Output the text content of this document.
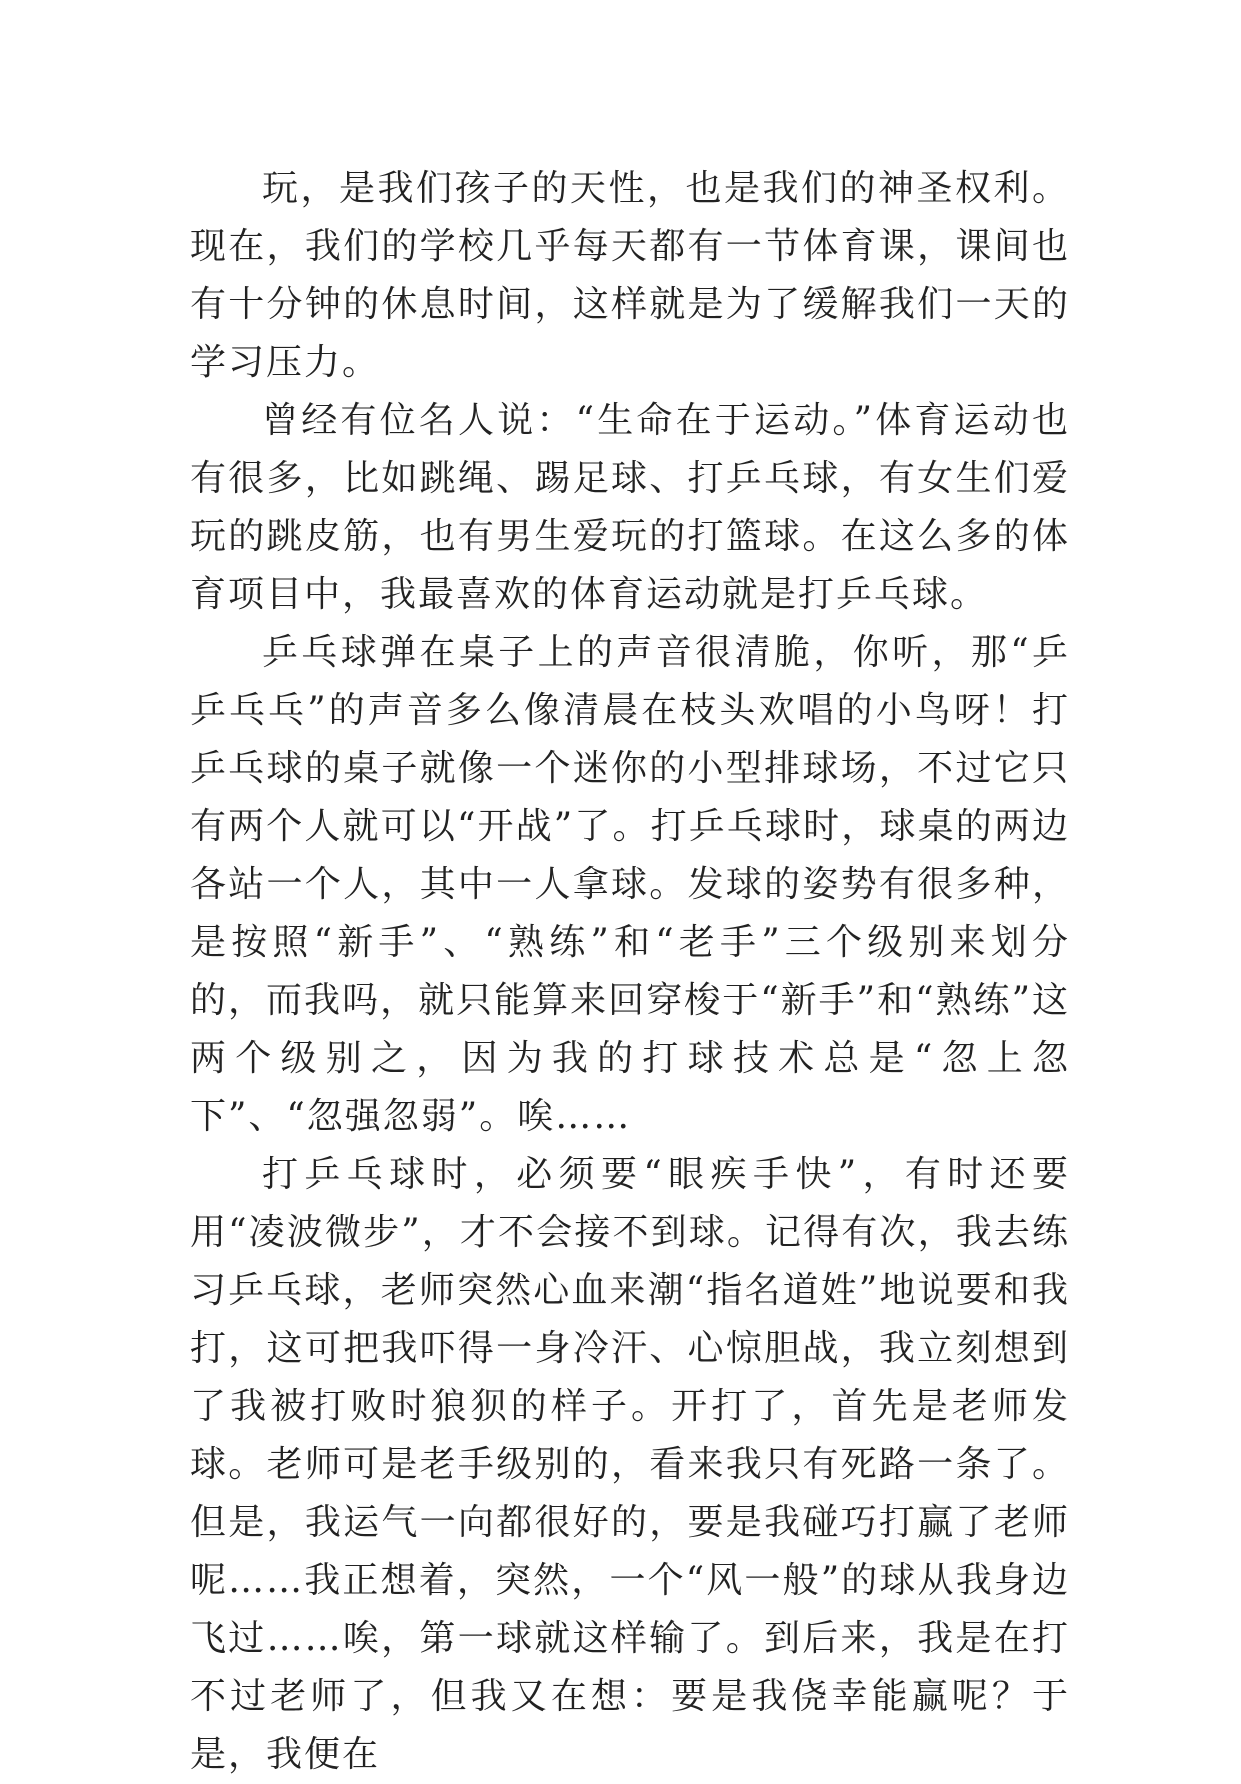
玩，是我们孩子的天性，也是我们的神圣权利。现在，我们的学校几乎每天都有一节体育课，课间也有十分钟的休息时间，这样就是为了缓解我们一天的学习压力。

曾经有位名人说：“生命在于运动。”体育运动也有很多，比如跳绳、踢足球、打乒乓球，有女生们爱玩的跳皮筋，也有男生爱玩的打篮球。在这么多的体育项目中，我最喜欢的体育运动就是打乒乓球。

乒乓球弹在桌子上的声音很清脆，你听，那“乒乒乓乓”的声音多么像清晨在枝头欢唱的小鸟呀！打乒乓球的桌子就像一个迷你的小型排球场，不过它只有两个人就可以“开战”了。打乒乓球时，球桌的两边各站一个人，其中一人拿球。发球的姿势有很多种，是按照“新手”、“熟练”和“老手”三个级别来划分的，而我吗，就只能算来回穿梭于“新手”和“熟练”这两个级别之，因为我的打球技术总是“忽上忽下”、“忽强忽弱”。唉……

打乒乓球时，必须要“眼疾手快”，有时还要用“凌波微步”，才不会接不到球。记得有次，我去练习乒乓球，老师突然心血来潮“指名道姓”地说要和我打，这可把我吓得一身冷汗、心惊胆战，我立刻想到了我被打败时狼狈的样子。开打了，首先是老师发球。老师可是老手级别的，看来我只有死路一条了。但是，我运气一向都很好的，要是我碰巧打赢了老师呢……我正想着，突然，一个“风一般”的球从我身边飞过……唉，第一球就这样输了。到后来，我是在打不过老师了，但我又在想：要是我侥幸能赢呢？于是，我便在
